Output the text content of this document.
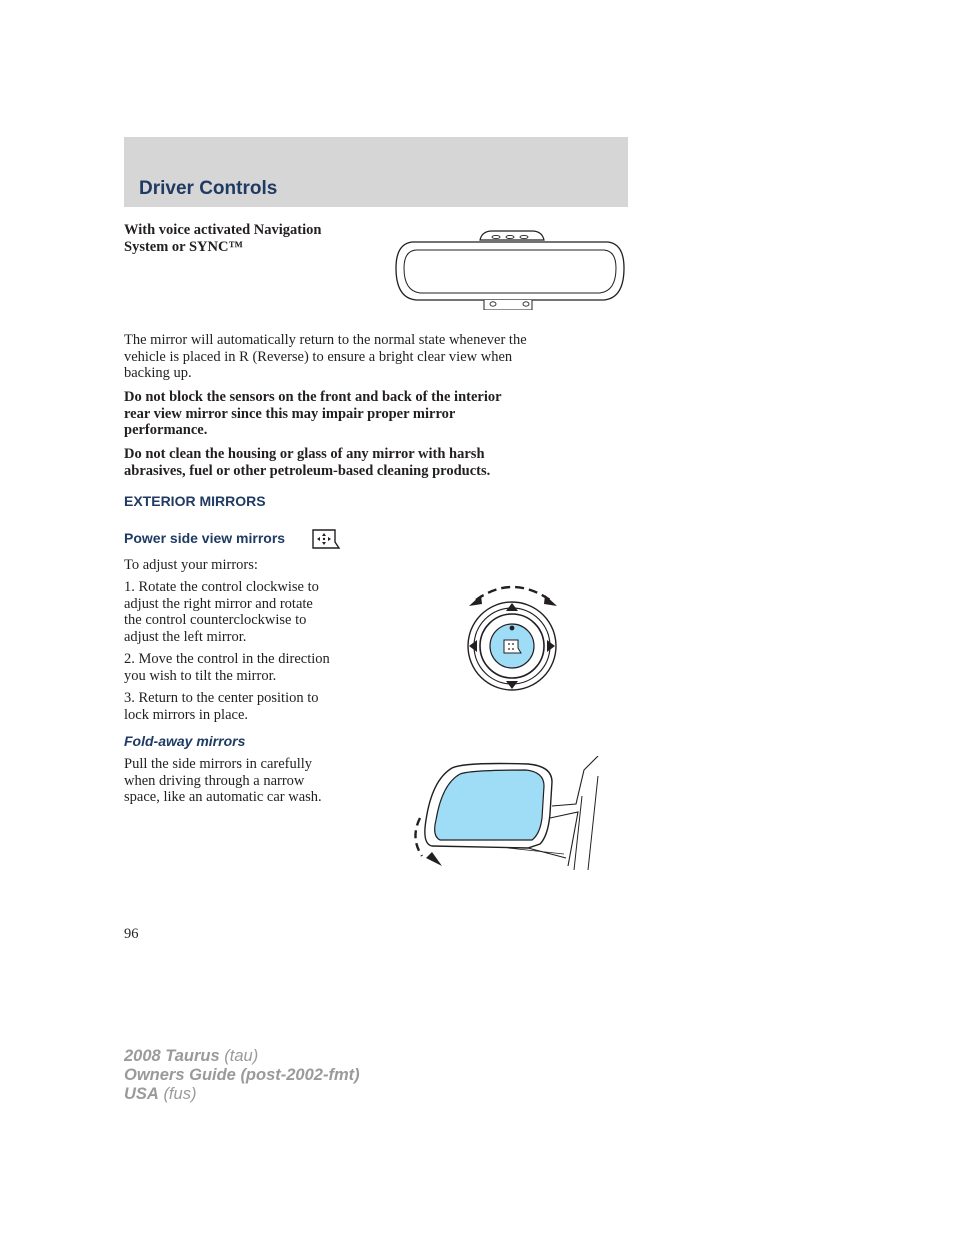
Driver Controls
With voice activated Navigation
System or SYNC™
The mirror will automatically return to the normal state whenever the
vehicle is placed in R (Reverse) to ensure a bright clear view when
backing up.
Do not block the sensors on the front and back of the interior
rear view mirror since this may impair proper mirror
performance.
Do not clean the housing or glass of any mirror with harsh
abrasives, fuel or other petroleum-based cleaning products.
EXTERIOR MIRRORS
Power side view mirrors
To adjust your mirrors:
1. Rotate the control clockwise to
adjust the right mirror and rotate
the control counterclockwise to
adjust the left mirror.
2. Move the control in the direction
you wish to tilt the mirror.
3. Return to the center position to
lock mirrors in place.
Fold-away mirrors
Pull the side mirrors in carefully
when driving through a narrow
space, like an automatic car wash.
96
2008 Taurus (tau)
Owners Guide (post-2002-fmt)
USA (fus)
